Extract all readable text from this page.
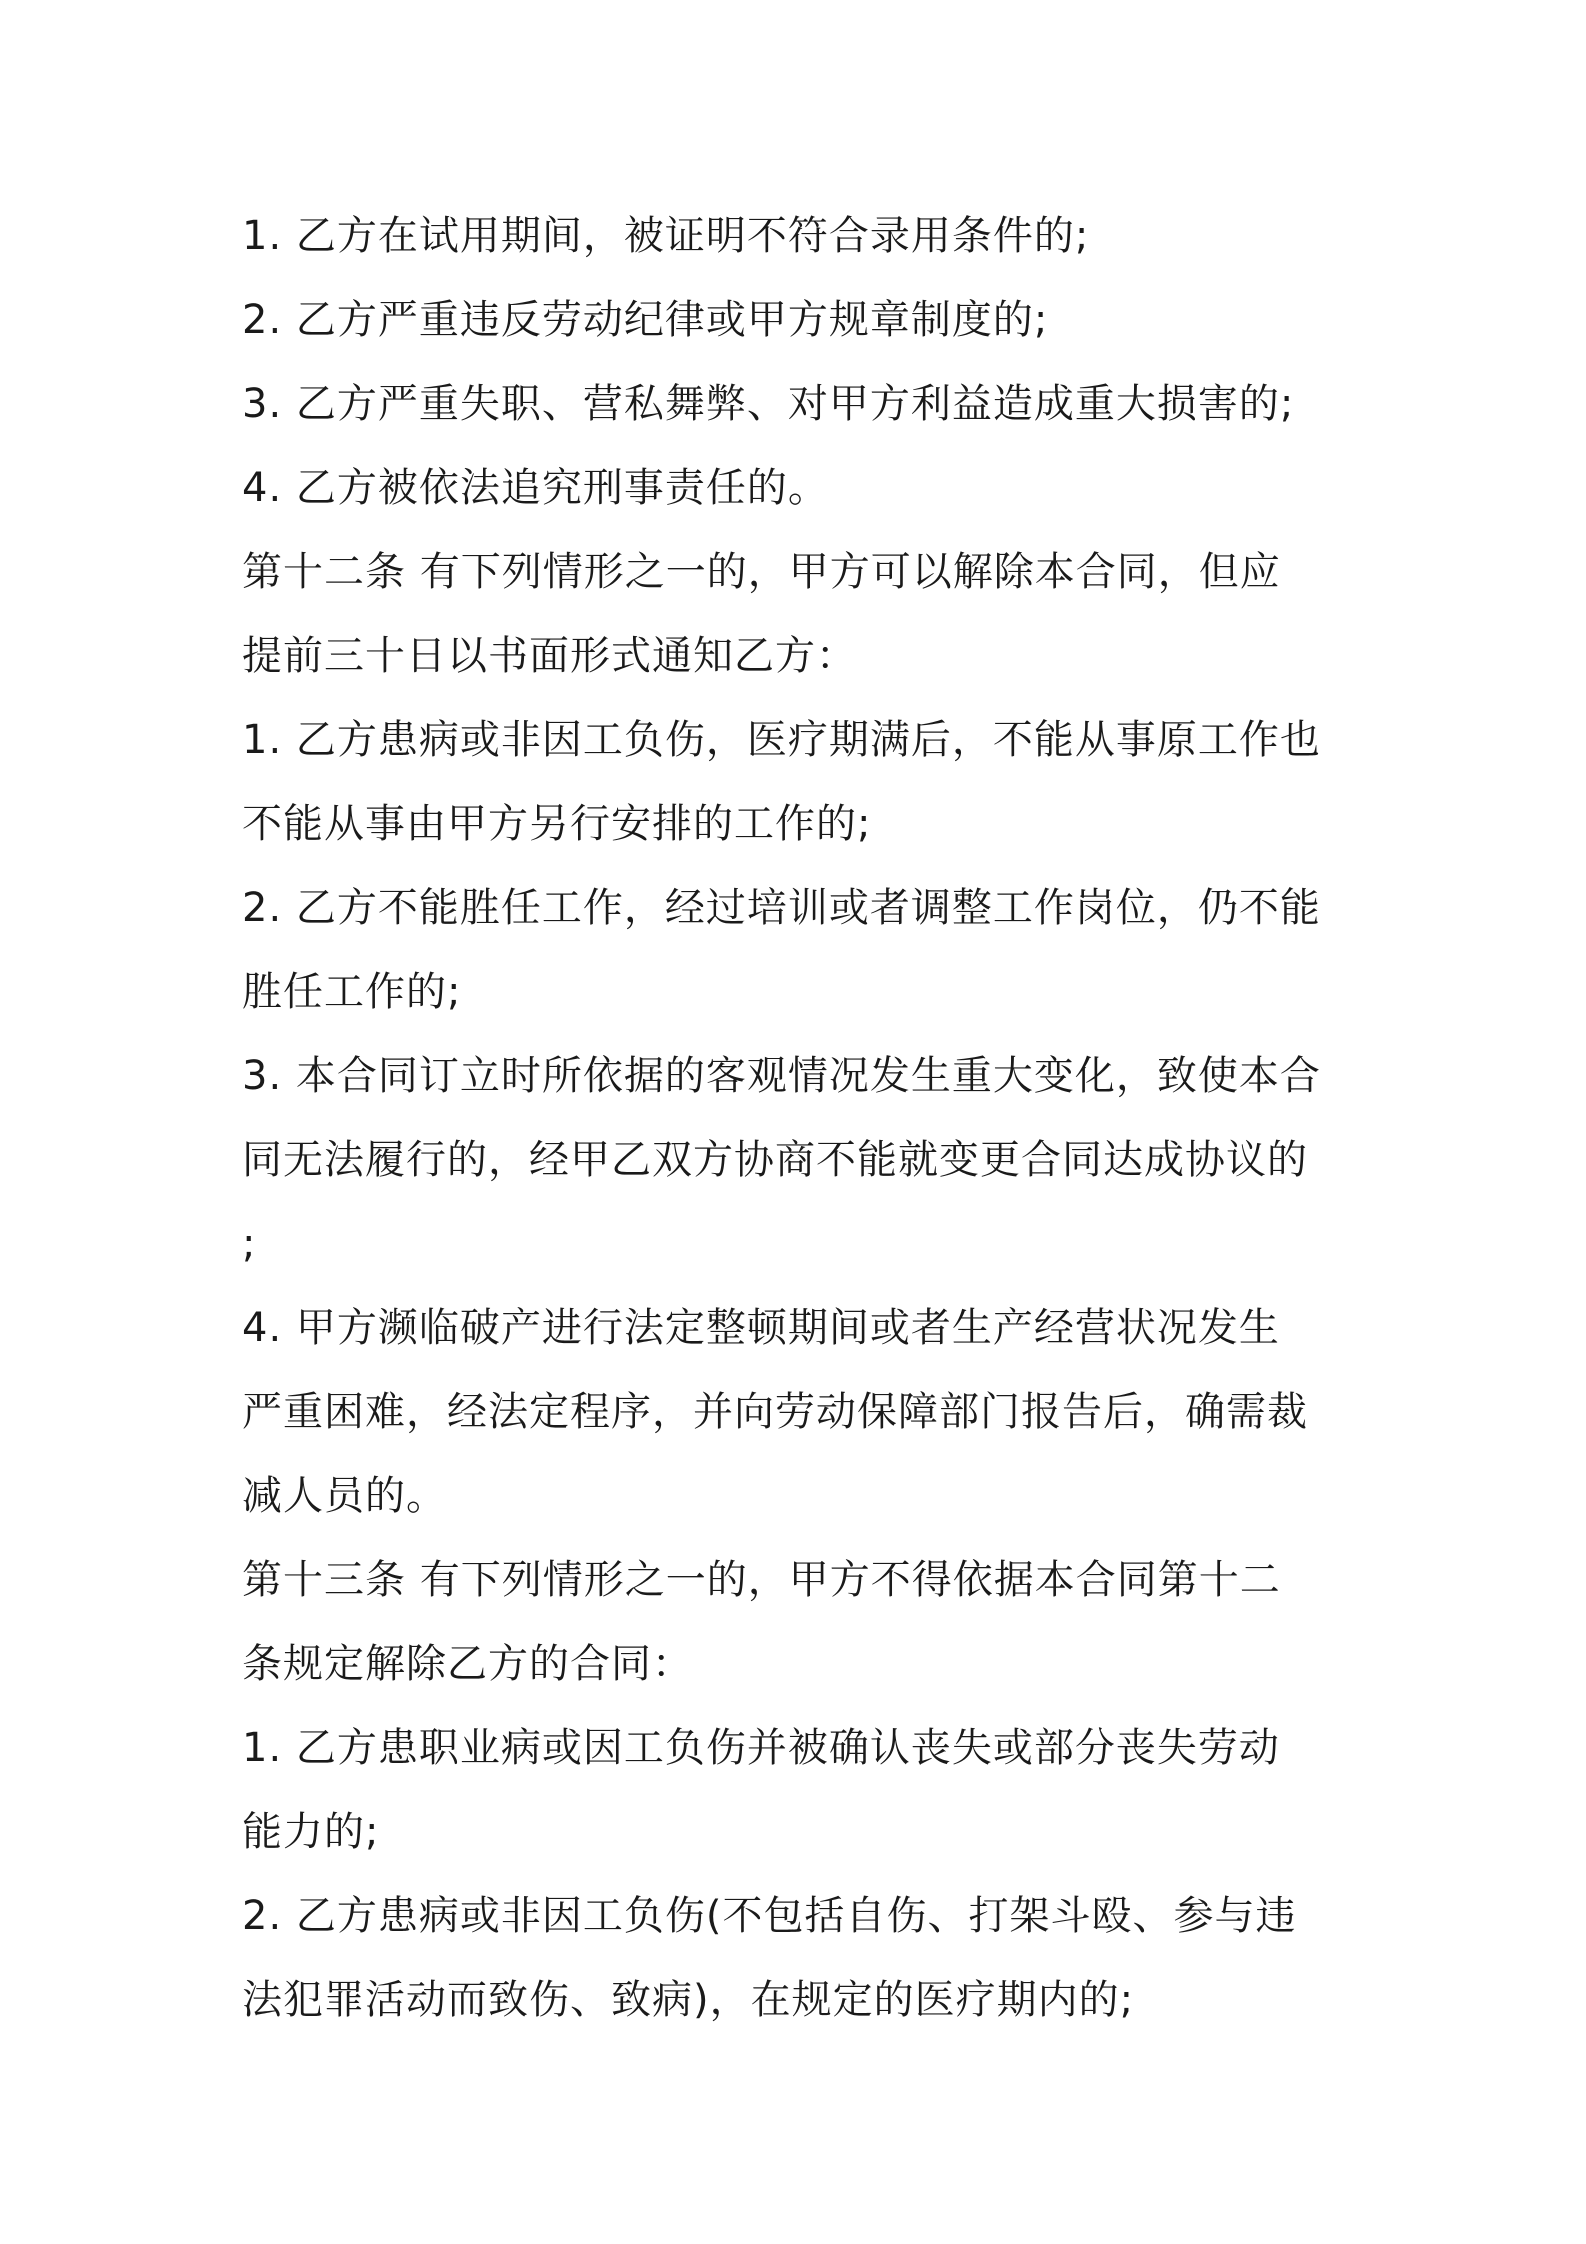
1. 乙方在试用期间，被证明不符合录用条件的;
2. 乙方严重违反劳动纪律或甲方规章制度的;
3. 乙方严重失职、营私舞弊、对甲方利益造成重大损害的;
4. 乙方被依法追究刑事责任的。
第十二条 有下列情形之一的，甲方可以解除本合同，但应
提前三十日以书面形式通知乙方：
1. 乙方患病或非因工负伤，医疗期满后，不能从事原工作也
不能从事由甲方另行安排的工作的;
2. 乙方不能胜任工作，经过培训或者调整工作岗位，仍不能
胜任工作的;
3. 本合同订立时所依据的客观情况发生重大变化，致使本合
同无法履行的，经甲乙双方协商不能就变更合同达成协议的
;
4. 甲方濒临破产进行法定整顿期间或者生产经营状况发生
严重困难，经法定程序，并向劳动保障部门报告后，确需裁
减人员的。
第十三条 有下列情形之一的，甲方不得依据本合同第十二
条规定解除乙方的合同：
1. 乙方患职业病或因工负伤并被确认丧失或部分丧失劳动
能力的;
2. 乙方患病或非因工负伤(不包括自伤、打架斗殴、参与违
法犯罪活动而致伤、致病)，在规定的医疗期内的;
